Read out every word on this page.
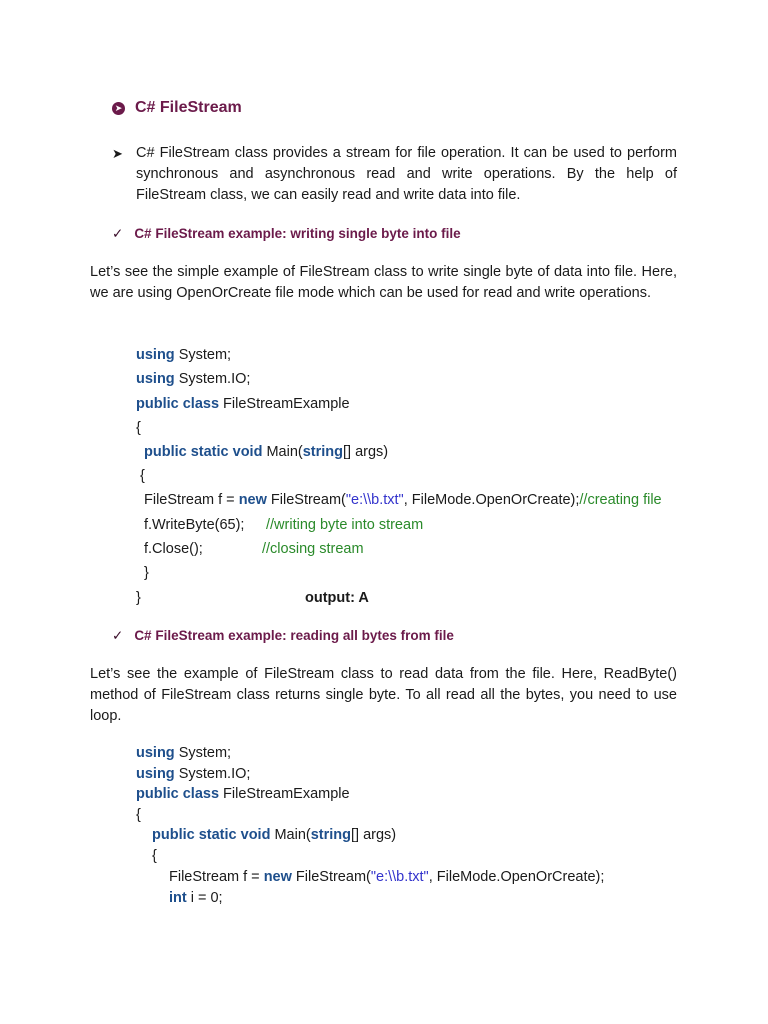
➤ C# FileStream
➤ C# FileStream class provides a stream for file operation. It can be used to perform synchronous and asynchronous read and write operations. By the help of FileStream class, we can easily read and write data into file.
✓ C# FileStream example: writing single byte into file
Let’s see the simple example of FileStream class to write single byte of data into file. Here, we are using OpenOrCreate file mode which can be used for read and write operations.
using System;
using System.IO;
public class FileStreamExample
{
public static void Main(string[] args)
{
FileStream f = new FileStream("e:\\b.txt", FileMode.OpenOrCreate);//creating file
f.WriteByte(65); //writing byte into stream
f.Close();	//closing stream
}
}	output: A
✓ C# FileStream example: reading all bytes from file
Let’s see the example of FileStream class to read data from the file. Here, ReadByte() method of FileStream class returns single byte. To all read all the bytes, you need to use loop.
using System;
using System.IO;
public class FileStreamExample
{
public static void Main(string[] args)
{
FileStream f = new FileStream("e:\\b.txt", FileMode.OpenOrCreate);
int i = 0;
